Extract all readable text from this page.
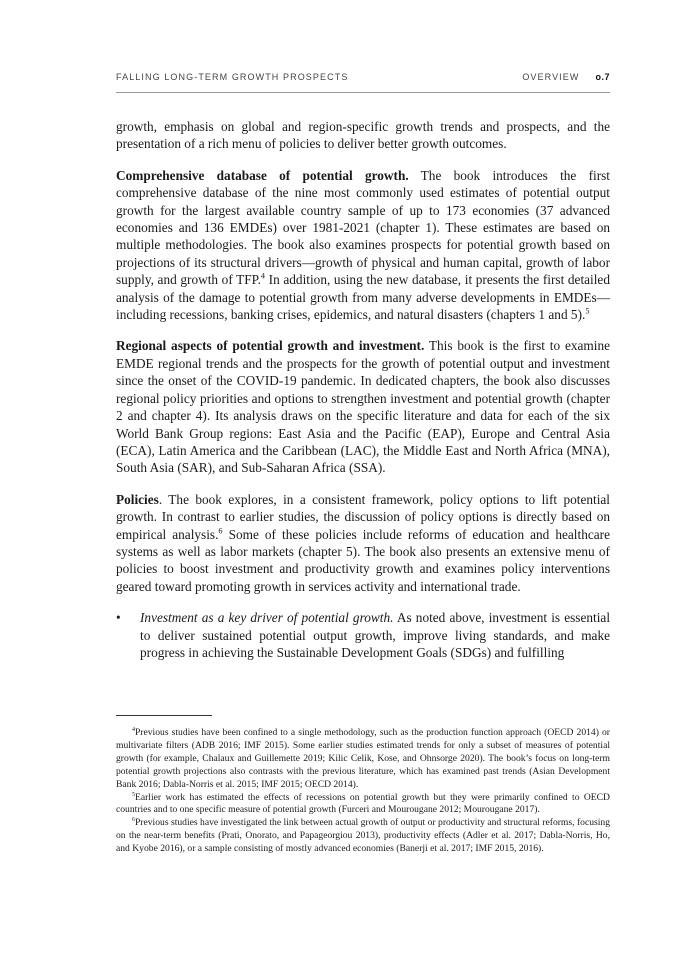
FALLING LONG-TERM GROWTH PROSPECTS	OVERVIEW o.7

growth, emphasis on global and region-specific growth trends and prospects, and the presentation of a rich menu of policies to deliver better growth outcomes.

Comprehensive database of potential growth. The book introduces the first comprehensive database of the nine most commonly used estimates of potential output growth for the largest available country sample of up to 173 economies (37 advanced economies and 136 EMDEs) over 1981-2021 (chapter 1). These estimates are based on multiple methodologies. The book also examines prospects for potential growth based on projections of its structural drivers—growth of physical and human capital, growth of labor supply, and growth of TFP.$^4$ In addition, using the new database, it presents the first detailed analysis of the damage to potential growth from many adverse developments in EMDEs—including recessions, banking crises, epidemics, and natural disasters (chapters 1 and 5).$^5$

Regional aspects of potential growth and investment. This book is the first to examine EMDE regional trends and the prospects for the growth of potential output and investment since the onset of the COVID-19 pandemic. In dedicated chapters, the book also discusses regional policy priorities and options to strengthen investment and potential growth (chapter 2 and chapter 4). Its analysis draws on the specific literature and data for each of the six World Bank Group regions: East Asia and the Pacific (EAP), Europe and Central Asia (ECA), Latin America and the Caribbean (LAC), the Middle East and North Africa (MNA), South Asia (SAR), and Sub-Saharan Africa (SSA).

Policies. The book explores, in a consistent framework, policy options to lift potential growth. In contrast to earlier studies, the discussion of policy options is directly based on empirical analysis.$^6$ Some of these policies include reforms of education and healthcare systems as well as labor markets (chapter 5). The book also presents an extensive menu of policies to boost investment and productivity growth and examines policy interventions geared toward promoting growth in services activity and international trade.

•	Investment as a key driver of potential growth. As noted above, investment is essential to deliver sustained potential output growth, improve living standards, and make progress in achieving the Sustainable Development Goals (SDGs) and fulfilling

$^4$Previous studies have been confined to a single methodology, such as the production function approach (OECD 2014) or multivariate filters (ADB 2016; IMF 2015). Some earlier studies estimated trends for only a subset of measures of potential growth (for example, Chalaux and Guillemette 2019; Kilic Celik, Kose, and Ohnsorge 2020). The book’s focus on long-term potential growth projections also contrasts with the previous literature, which has examined past trends (Asian Development Bank 2016; Dabla-Norris et al. 2015; IMF 2015; OECD 2014).

$^5$Earlier work has estimated the effects of recessions on potential growth but they were primarily confined to OECD countries and to one specific measure of potential growth (Furceri and Mourougane 2012; Mourougane 2017).

$^6$Previous studies have investigated the link between actual growth of output or productivity and structural reforms, focusing on the near-term benefits (Prati, Onorato, and Papageorgiou 2013), productivity effects (Adler et al. 2017; Dabla-Norris, Ho, and Kyobe 2016), or a sample consisting of mostly advanced economies (Banerji et al. 2017; IMF 2015, 2016).
